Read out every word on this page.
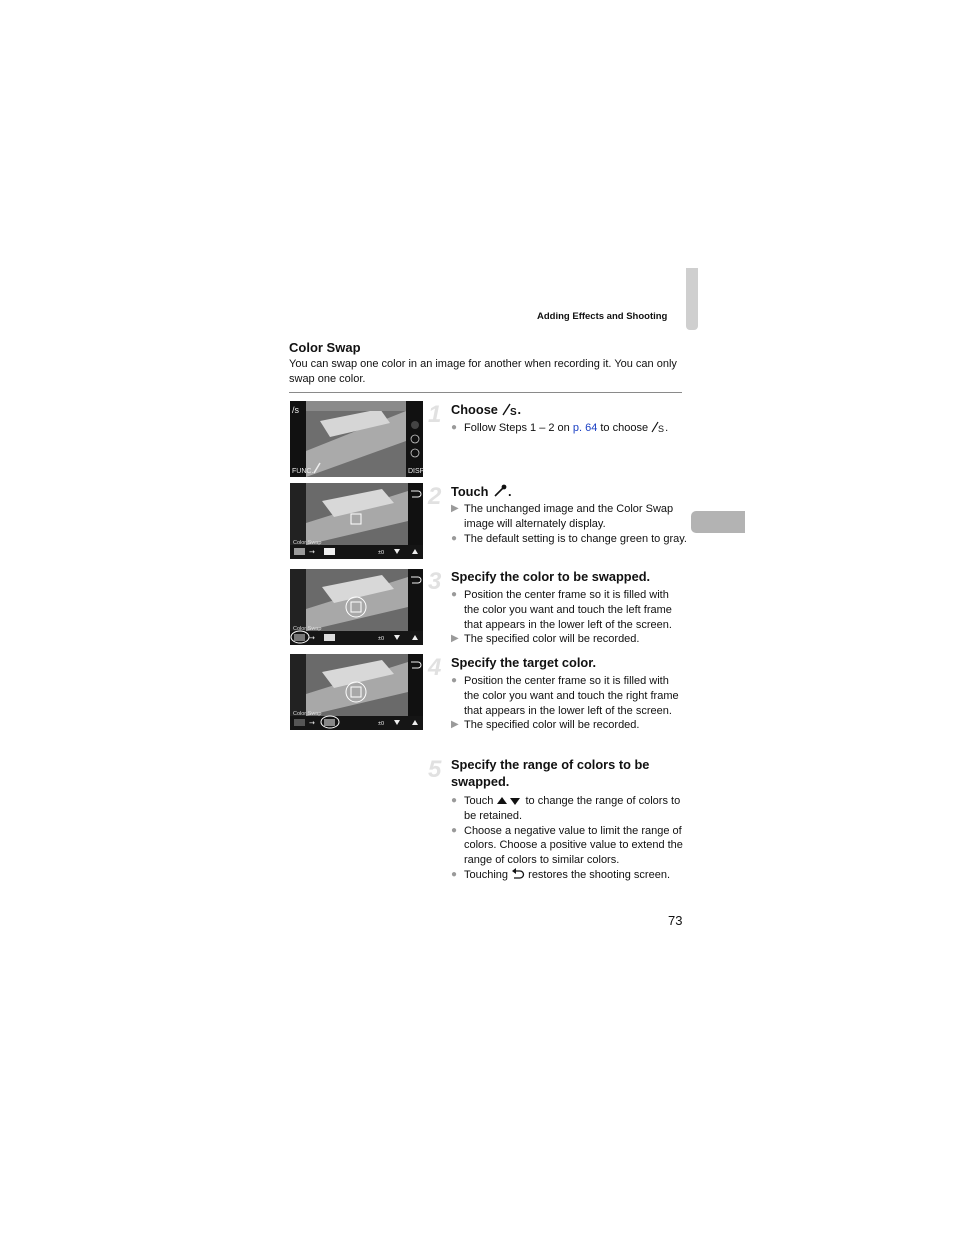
Adding Effects and Shooting
Color Swap
You can swap one color in an image for another when recording it. You can only swap one color.
/s
FUNC.	DISP.
Color Swap
→	±0
Color Swap
→	±0
Color Swap
→	±0
1 Choose S .
● Follow Steps 1 – 2 on p. 64 to choose S .
2 Touch .
▶ The unchanged image and the Color Swap image will alternately display.
● The default setting is to change green to gray.
3 Specify the color to be swapped.
● Position the center frame so it is filled with the color you want and touch the left frame that appears in the lower left of the screen.
▶ The specified color will be recorded.
4 Specify the target color.
● Position the center frame so it is filled with the color you want and touch the right frame that appears in the lower left of the screen.
▶ The specified color will be recorded.
5 Specify the range of colors to be swapped.
● Touch  to change the range of colors to be retained.
● Choose a negative value to limit the range of colors. Choose a positive value to extend the range of colors to similar colors.
● Touching  restores the shooting screen.
73
